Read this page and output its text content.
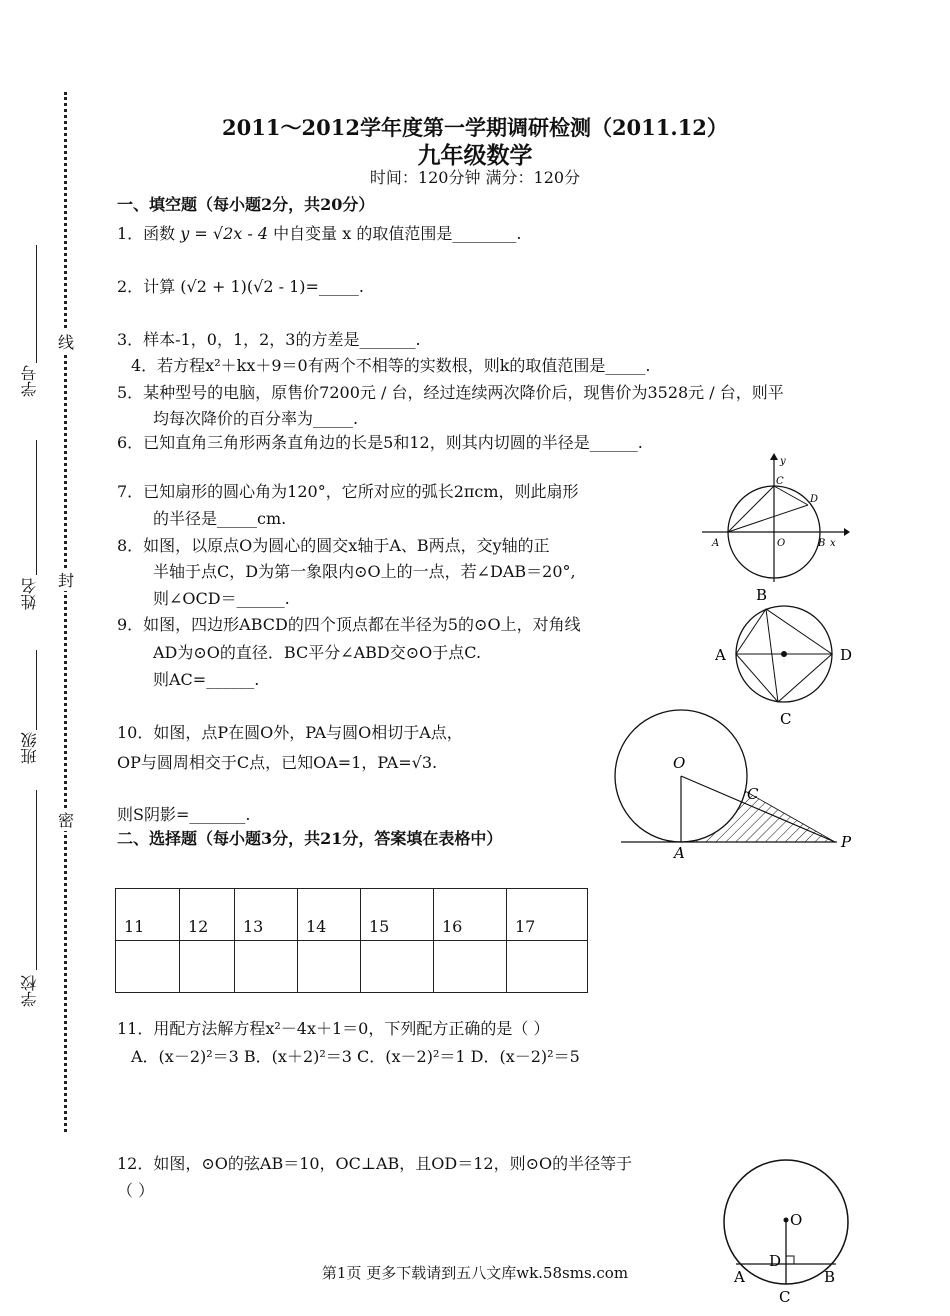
线
封
密
学号
姓名
班级
学校
2011～2012学年度第一学期调研检测（2011.12）
九年级数学
时间：120分钟 满分：120分
一、填空题（每小题2分，共20分）
1．函数 y = √2x - 4 中自变量 x 的取值范围是________.
2．计算 (√2 + 1)(√2 - 1)=_____.
3．样本-1，0，1，2，3的方差是_______.
4．若方程x²＋kx＋9＝0有两个不相等的实数根，则k的取值范围是_____.
5．某种型号的电脑，原售价7200元 / 台，经过连续两次降价后，现售价为3528元 / 台，则平
均每次降价的百分率为_____.
6．已知直角三角形两条直角边的长是5和12，则其内切圆的半径是______.
7．已知扇形的圆心角为120°，它所对应的弧长2πcm，则此扇形
的半径是_____cm.
8．如图，以原点O为圆心的圆交x轴于A、B两点，交y轴的正
半轴于点C，D为第一象限内⊙O上的一点，若∠DAB＝20°,
则∠OCD＝______.
9．如图，四边形ABCD的四个顶点都在半径为5的⊙O上，对角线
AD为⊙O的直径．BC平分∠ABD交⊙O于点C.
则AC=______.
10．如图，点P在圆O外，PA与圆O相切于A点，
OP与圆周相交于C点，已知OA=1，PA=√3.
则S阴影=_______.
二、选择题（每小题3分，共21分，答案填在表格中）
11	12	13	14	15	16	17

11．用配方法解方程x²－4x＋1＝0，下列配方正确的是（ ）
A．(x－2)²＝3 B．(x＋2)²＝3 C．(x－2)²＝1 D．(x－2)²＝5
12．如图，⊙O的弦AB＝10，OC⊥AB，且OD＝12，则⊙O的半径等于
（ ）
y
C
D
A	O	B x
B
A	D
C
O
C
A
P
O
D
A	B
C
第1页 更多下载请到五八文库wk.58sms.com
